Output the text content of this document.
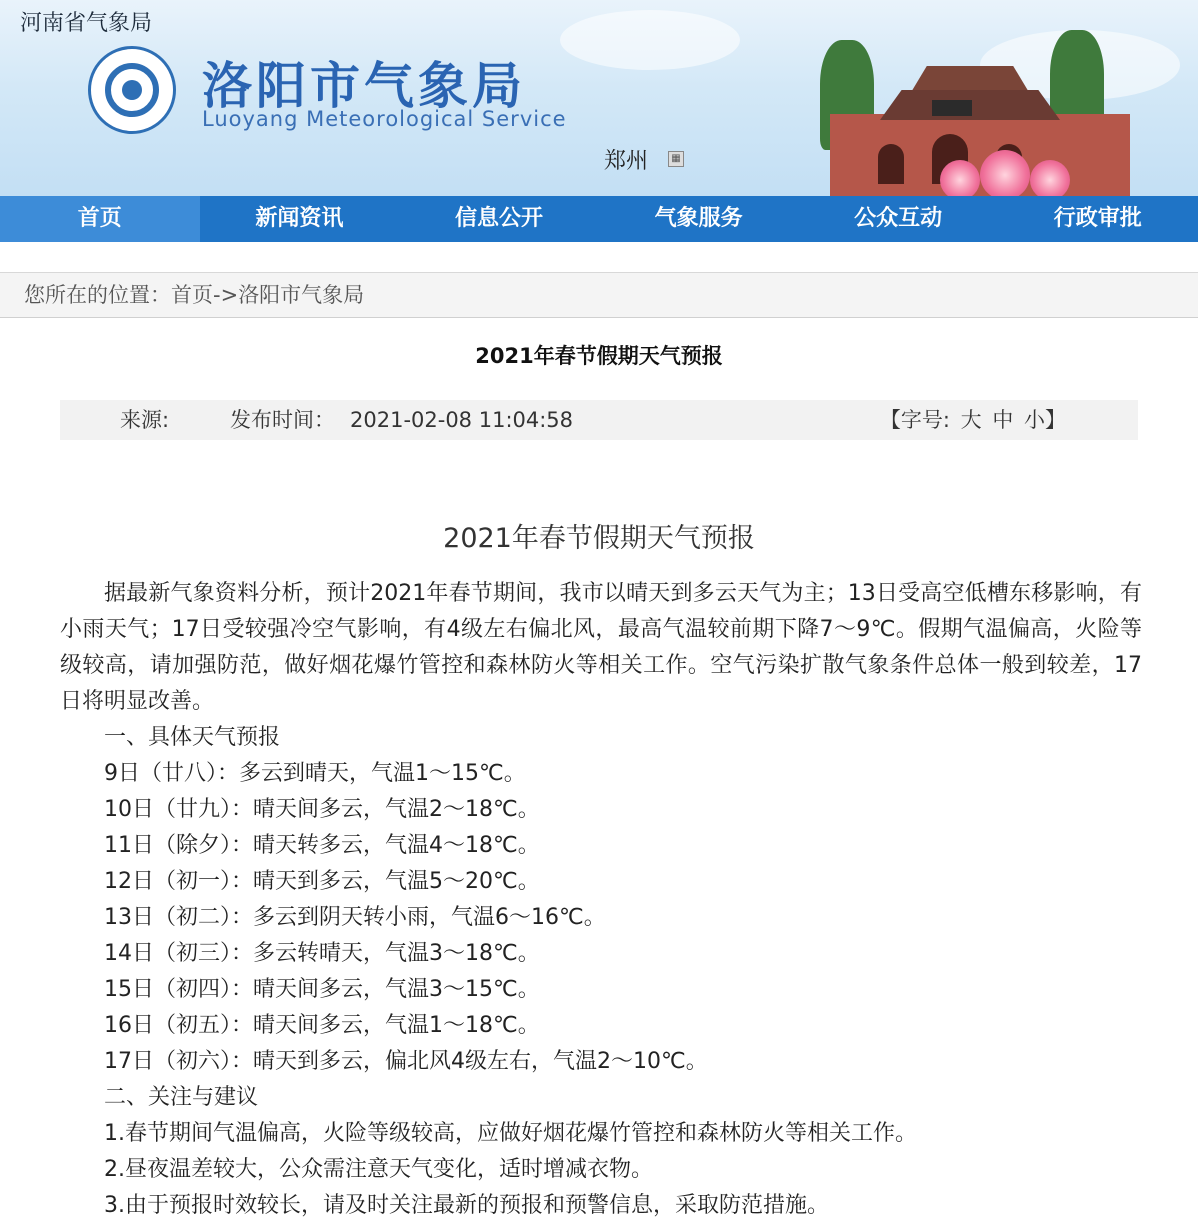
河南省气象局
洛阳市气象局
Luoyang Meteorological Service
郑州	▦
首页	新闻资讯	信息公开	气象服务	公众互动	行政审批
您所在的位置：首页->洛阳市气象局
2021年春节假期天气预报
来源:	发布时间： 2021-02-08 11:04:58	【字号: 大 中 小】
2021年春节假期天气预报

据最新气象资料分析，预计2021年春节期间，我市以晴天到多云天气为主；13日受高空低槽东移影响，有小雨天气；17日受较强冷空气影响，有4级左右偏北风，最高气温较前期下降7～9℃。假期气温偏高，火险等级较高，请加强防范，做好烟花爆竹管控和森林防火等相关工作。空气污染扩散气象条件总体一般到较差，17日将明显改善。

一、具体天气预报

9日（廿八）：多云到晴天，气温1～15℃。

10日（廿九）：晴天间多云，气温2～18℃。

11日（除夕）：晴天转多云，气温4～18℃。

12日（初一）：晴天到多云，气温5～20℃。

13日（初二）：多云到阴天转小雨，气温6～16℃。

14日（初三）：多云转晴天，气温3～18℃。

15日（初四）：晴天间多云，气温3～15℃。

16日（初五）：晴天间多云，气温1～18℃。

17日（初六）：晴天到多云，偏北风4级左右，气温2～10℃。

二、关注与建议

1.春节期间气温偏高，火险等级较高，应做好烟花爆竹管控和森林防火等相关工作。

2.昼夜温差较大，公众需注意天气变化，适时增减衣物。

3.由于预报时效较长，请及时关注最新的预报和预警信息，采取防范措施。
